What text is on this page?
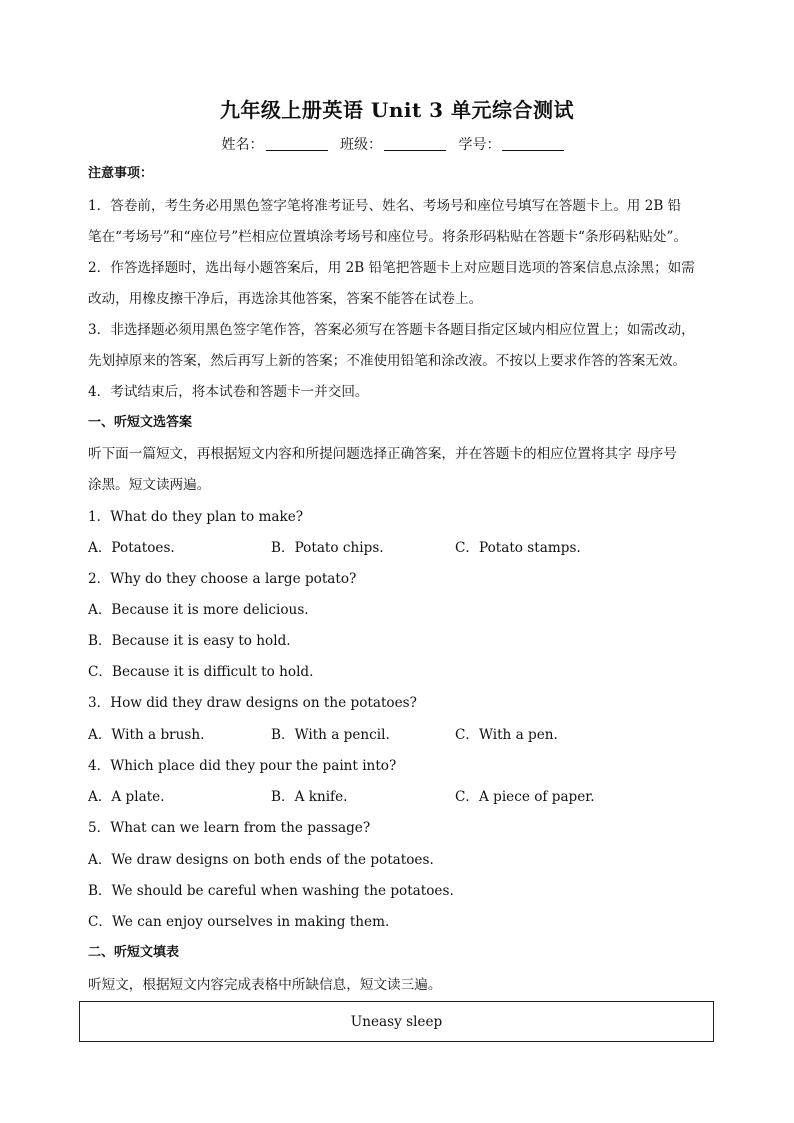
九年级上册英语 Unit 3 单元综合测试
姓名：	班级：	学号：
注意事项：
1．答卷前，考生务必用黑色签字笔将准考证号、姓名、考场号和座位号填写在答题卡上。用 2B 铅
笔在“考场号”和“座位号”栏相应位置填涂考场号和座位号。将条形码粘贴在答题卡“条形码粘贴处”。
2．作答选择题时，选出每小题答案后，用 2B 铅笔把答题卡上对应题目选项的答案信息点涂黑；如需
改动，用橡皮擦干净后，再选涂其他答案，答案不能答在试卷上。
3．非选择题必须用黑色签字笔作答，答案必须写在答题卡各题目指定区域内相应位置上；如需改动，
先划掉原来的答案，然后再写上新的答案；不准使用铅笔和涂改液。不按以上要求作答的答案无效。
4．考试结束后，将本试卷和答题卡一并交回。
一、听短文选答案
听下面一篇短文，再根据短文内容和所提问题选择正确答案，并在答题卡的相应位置将其字 母序号
涂黑。短文读两遍。
1．What do they plan to make?
A．Potatoes.	B．Potato chips.	C．Potato stamps.
2．Why do they choose a large potato?
A．Because it is more delicious.
B．Because it is easy to hold.
C．Because it is difficult to hold.
3．How did they draw designs on the potatoes?
A．With a brush.	B．With a pencil.	C．With a pen.
4．Which place did they pour the paint into?
A．A plate.	B．A knife.	C．A piece of paper.
5．What can we learn from the passage?
A．We draw designs on both ends of the potatoes.
B．We should be careful when washing the potatoes.
C．We can enjoy ourselves in making them.
二、听短文填表
听短文，根据短文内容完成表格中所缺信息，短文读三遍。
Uneasy sleep
